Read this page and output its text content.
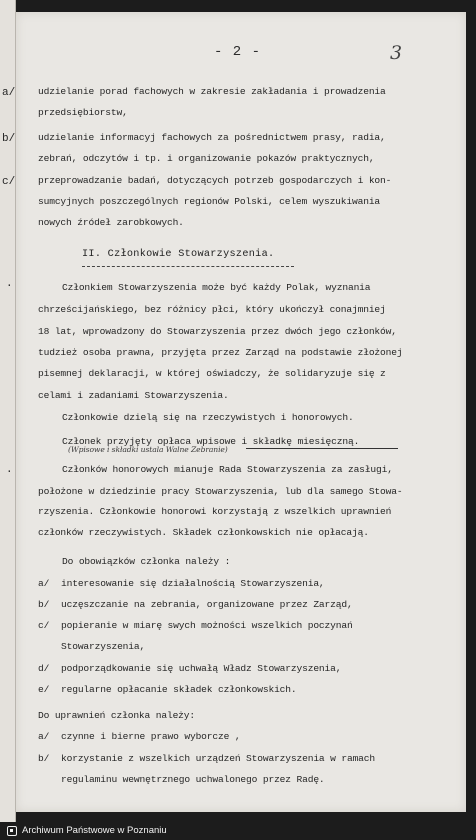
- 2 -	3
a/ udzielanie porad fachowych w zakresie zakładania i prowadzenia
przedsiębiorstw,
b/ udzielanie informacyj fachowych za pośrednictwem prasy, radia,
zebrań, odczytów i tp. i organizowanie pokazów praktycznych,
c/ przeprowadzanie badań, dotyczących potrzeb gospodarczych i kon-
sumcyjnych poszczególnych regionów Polski, celem wyszukiwania
nowych źródeł zarobkowych.
II. Członkowie Stowarzyszenia.
.	Członkiem Stowarzyszenia może być każdy Polak, wyznania
chrześcijańskiego, bez różnicy płci, który ukończył conajmniej
18 lat, wprowadzony do Stowarzyszenia przez dwóch jego członków,
tudzież osoba prawna, przyjęta przez Zarząd na podstawie złożonej
pisemnej deklaracji, w której oświadczy, że solidaryzuje się z
celami i zadaniami Stowarzyszenia.
Członkowie dzielą się na rzeczywistych i honorowych.
Członek przyjęty opłaca wpisowe i składkę miesięczną.
(Wpisowe i składki ustala Walne Zebranie)
.	Członków honorowych mianuje Rada Stowarzyszenia za zasługi,
położone w dziedzinie pracy Stowarzyszenia, lub dla samego Stowa-
rzyszenia. Członkowie honorowi korzystają z wszelkich uprawnień
członków rzeczywistych. Składek członkowskich nie opłacają.
Do obowiązków członka należy :
a/ interesowanie się działalnością Stowarzyszenia,
b/ uczęszczanie na zebrania, organizowane przez Zarząd,
c/ popieranie w miarę swych możności wszelkich poczynań
Stowarzyszenia,
d/ podporządkowanie się uchwałą Władz Stowarzyszenia,
e/ regularne opłacanie składek członkowskich.
Do uprawnień członka należy:
a/ czynne i bierne prawo wyborcze ,
b/ korzystanie z wszelkich urządzeń Stowarzyszenia w ramach
regulaminu wewnętrznego uchwalonego przez Radę.
Archiwum Państwowe w Poznaniu
